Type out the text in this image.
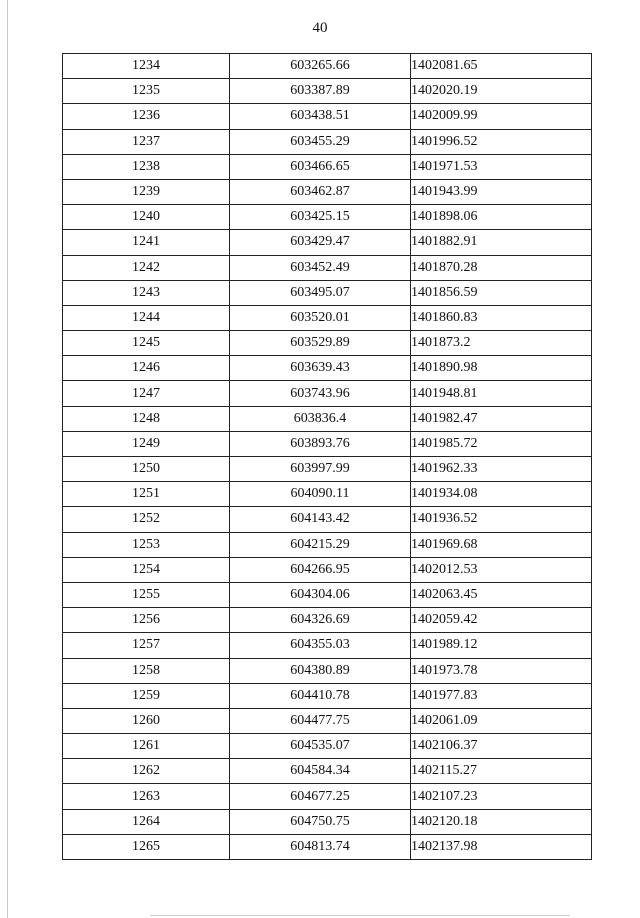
40
1234	603265.66	1402081.65
1235	603387.89	1402020.19
1236	603438.51	1402009.99
1237	603455.29	1401996.52
1238	603466.65	1401971.53
1239	603462.87	1401943.99
1240	603425.15	1401898.06
1241	603429.47	1401882.91
1242	603452.49	1401870.28
1243	603495.07	1401856.59
1244	603520.01	1401860.83
1245	603529.89	1401873.2
1246	603639.43	1401890.98
1247	603743.96	1401948.81
1248	603836.4	1401982.47
1249	603893.76	1401985.72
1250	603997.99	1401962.33
1251	604090.11	1401934.08
1252	604143.42	1401936.52
1253	604215.29	1401969.68
1254	604266.95	1402012.53
1255	604304.06	1402063.45
1256	604326.69	1402059.42
1257	604355.03	1401989.12
1258	604380.89	1401973.78
1259	604410.78	1401977.83
1260	604477.75	1402061.09
1261	604535.07	1402106.37
1262	604584.34	1402115.27
1263	604677.25	1402107.23
1264	604750.75	1402120.18
1265	604813.74	1402137.98
